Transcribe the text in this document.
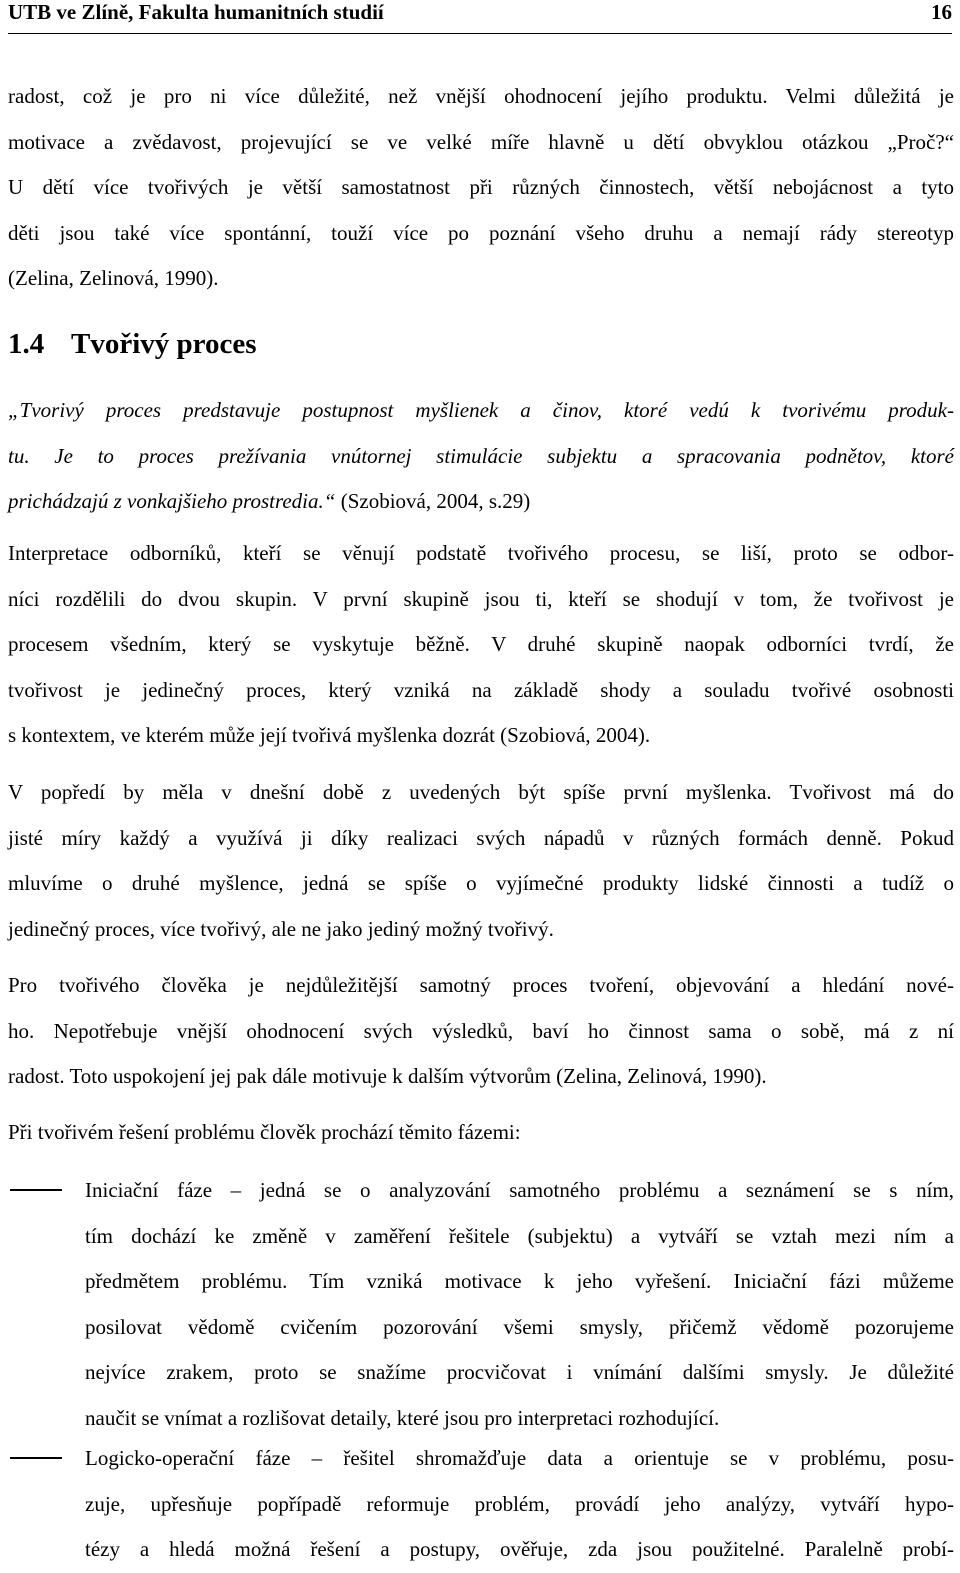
UTB ve Zlíně, Fakulta humanitních studií	16
radost, což je pro ni více důležité, než vnější ohodnocení jejího produktu. Velmi důležitá je
motivace a zvědavost, projevující se ve velké míře hlavně u dětí obvyklou otázkou „Proč?“
U dětí více tvořivých je větší samostatnost při různých činnostech, větší nebojácnost a tyto
děti jsou také více spontánní, touží více po poznání všeho druhu a nemají rády stereotyp
(Zelina, Zelinová, 1990).
1.4 Tvořivý proces
„Tvorivý proces predstavuje postupnost myšlienek a činov, ktoré vedú k tvorivému produk-
tu. Je to proces prežívania vnútornej stimulácie subjektu a spracovania podnětov, ktoré
prichádzajú z vonkajšieho prostredia.“ (Szobiová, 2004, s.29)
Interpretace odborníků, kteří se věnují podstatě tvořivého procesu, se liší, proto se odbor-
níci rozdělili do dvou skupin. V první skupině jsou ti, kteří se shodují v tom, že tvořivost je
procesem všedním, který se vyskytuje běžně. V druhé skupině naopak odborníci tvrdí, že
tvořivost je jedinečný proces, který vzniká na základě shody a souladu tvořivé osobnosti
s kontextem, ve kterém může její tvořivá myšlenka dozrát (Szobiová, 2004).
V popředí by měla v dnešní době z uvedených být spíše první myšlenka. Tvořivost má do
jisté míry každý a využívá ji díky realizaci svých nápadů v různých formách denně. Pokud
mluvíme o druhé myšlence, jedná se spíše o vyjímečné produkty lidské činnosti a tudíž o
jedinečný proces, více tvořivý, ale ne jako jediný možný tvořivý.
Pro tvořivého člověka je nejdůležitější samotný proces tvoření, objevování a hledání nové-
ho. Nepotřebuje vnější ohodnocení svých výsledků, baví ho činnost sama o sobě, má z ní
radost. Toto uspokojení jej pak dále motivuje k dalším výtvorům (Zelina, Zelinová, 1990).
Při tvořivém řešení problému člověk prochází těmito fázemi:
Iniciační fáze – jedná se o analyzování samotného problému a seznámení se s ním,
tím dochází ke změně v zaměření řešitele (subjektu) a vytváří se vztah mezi ním a
předmětem problému. Tím vzniká motivace k jeho vyřešení. Iniciační fázi můžeme
posilovat vědomě cvičením pozorování všemi smysly, přičemž vědomě pozorujeme
nejvíce zrakem, proto se snažíme procvičovat i vnímání dalšími smysly. Je důležité
naučit se vnímat a rozlišovat detaily, které jsou pro interpretaci rozhodující.
Logicko-operační fáze – řešitel shromažďuje data a orientuje se v problému, posu-
zuje, upřesňuje popřípadě reformuje problém, provádí jeho analýzy, vytváří hypo-
tézy a hledá možná řešení a postupy, ověřuje, zda jsou použitelné. Paralelně probí-
